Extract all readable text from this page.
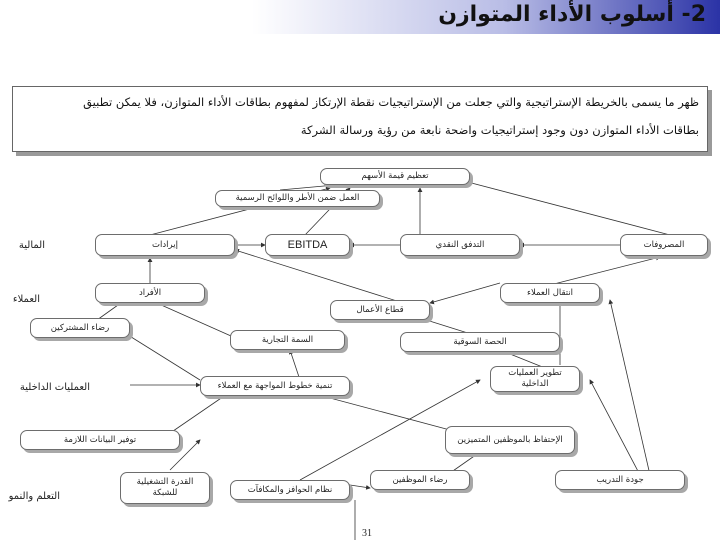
2- أسلوب الأداء المتوازن

ظهر ما يسمى بالخريطة الإستراتيجية والتي جعلت من الإستراتيجيات نقطة الإرتكاز لمفهوم بطاقات الأداء المتوازن، فلا يمكن تطبيق

بطاقات الأداء المتوازن دون وجود إستراتيجيات واضحة نابعة من رؤية ورسالة الشركة

المالية
العملاء
العمليات الداخلية
التعلم والنمو
تعظيم قيمة الأسهم
العمل ضمن الأطر واللوائح الرسمية
إيرادات	EBITDA	التدفق النقدي	المصروفات
الأفراد	انتقال العملاء
قطاع الأعمال
رضاء المشتركين
السمة التجارية	الحصة السوقية
تطوير العمليات الداخلية
تنمية خطوط المواجهة مع العملاء
الإحتفاظ بالموظفين المتميزين
توفير البيانات اللازمة
القدرة التشغيلية للشبكة	نظام الحوافز والمكافآت
رضاء الموظفين	جودة التدريب
31
